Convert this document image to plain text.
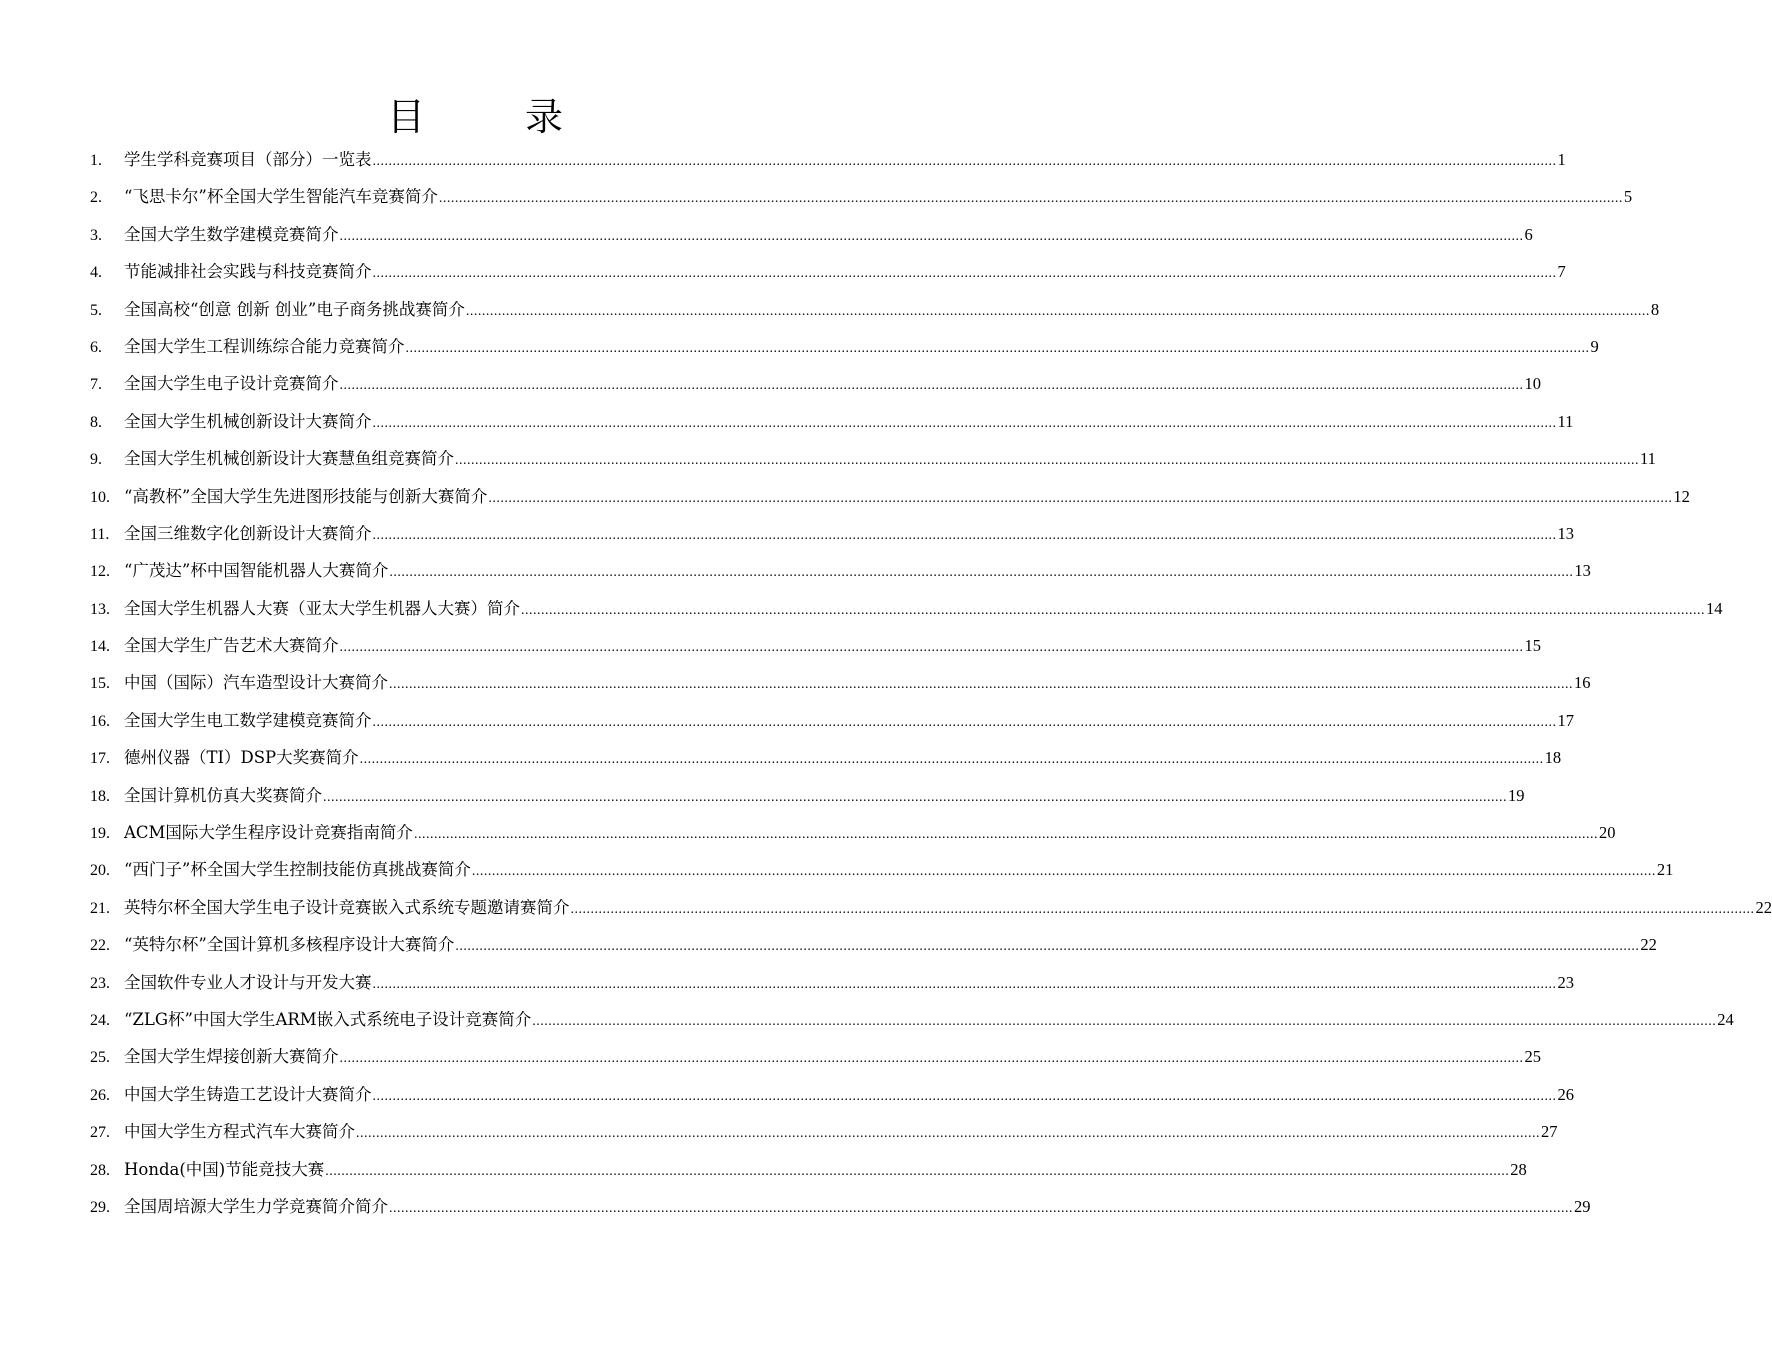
目	录
1.	学生学科竞赛项目（部分）一览表 .....	1
2.	“飞思卡尔”杯全国大学生智能汽车竞赛简介 .....	5
3.	全国大学生数学建模竞赛简介 .....	6
4.	节能减排社会实践与科技竞赛简介 .....	7
5.	全国高校“创意 创新 创业”电子商务挑战赛简介 .....	8
6.	全国大学生工程训练综合能力竞赛简介 .....	9
7.	全国大学生电子设计竞赛简介 .....	10
8.	全国大学生机械创新设计大赛简介 .....	11
9.	全国大学生机械创新设计大赛慧鱼组竞赛简介 .....	11
10. “高教杯”全国大学生先进图形技能与创新大赛简介 .....	12
11. 全国三维数字化创新设计大赛简介 .....	13
12. “广茂达”杯中国智能机器人大赛简介 .....	13
13. 全国大学生机器人大赛（亚太大学生机器人大赛）简介 .....	14
14. 全国大学生广告艺术大赛简介 .....	15
15. 中国（国际）汽车造型设计大赛简介 .....	16
16. 全国大学生电工数学建模竞赛简介 .....	17
17. 德州仪器（TI）DSP大奖赛简介 .....	18
18. 全国计算机仿真大奖赛简介 .....	19
19. ACM国际大学生程序设计竞赛指南简介 .....	20
20. “西门子”杯全国大学生控制技能仿真挑战赛简介 .....	21
21. 英特尔杯全国大学生电子设计竞赛嵌入式系统专题邀请赛简介 .....	22
22. “英特尔杯”全国计算机多核程序设计大赛简介 .....	22
23. 全国软件专业人才设计与开发大赛 .....	23
24. “ZLG杯”中国大学生ARM嵌入式系统电子设计竞赛简介 .....	24
25. 全国大学生焊接创新大赛简介 .....	25
26. 中国大学生铸造工艺设计大赛简介 .....	26
27. 中国大学生方程式汽车大赛简介 .....	27
28. Honda(中国)节能竞技大赛 .....	28
29. 全国周培源大学生力学竞赛简介简介 .....	29
